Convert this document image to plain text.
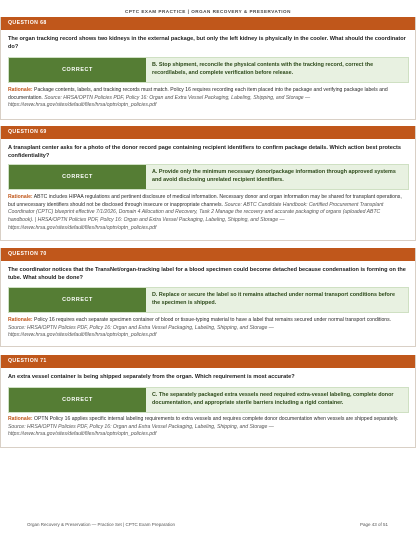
CPTC EXAM PRACTICE | ORGAN RECOVERY & PRESERVATION
QUESTION 68
The organ tracking record shows two kidneys in the external package, but only the left kidney is physically in the cooler. What should the coordinator do?
CORRECT
B. Stop shipment, reconcile the physical contents with the tracking record, correct the record/labels, and complete verification before release.
Rationale: Package contents, labels, and tracking records must match. Policy 16 requires recording each item placed into the package and verifying package labels and documentation. Source: HRSA/OPTN Policies PDF, Policy 16: Organ and Extra Vessel Packaging, Labeling, Shipping, and Storage — https://www.hrsa.gov/sites/default/files/hrsa/optn/optn_policies.pdf
QUESTION 69
A transplant center asks for a photo of the donor record page containing recipient identifiers to confirm package details. Which action best protects confidentiality?
CORRECT
A. Provide only the minimum necessary donor/package information through approved systems and avoid disclosing unrelated recipient identifiers.
Rationale: ABTC includes HIPAA regulations and pertinent disclosure of medical information. Necessary donor and organ information may be shared for transplant operations, but unnecessary identifiers should not be disclosed through insecure or inappropriate channels. Source: ABTC Candidate Handbook: Certified Procurement Transplant Coordinator (CPTC) blueprint effective 7/1/2026, Domain 4 Allocation and Recovery, Task 2 Manage the recovery and accurate packaging of organs (uploaded ABTC handbook). | HRSA/OPTN Policies PDF, Policy 16: Organ and Extra Vessel Packaging, Labeling, Shipping, and Storage — https://www.hrsa.gov/sites/default/files/hrsa/optn/optn_policies.pdf
QUESTION 70
The coordinator notices that the TransNet/organ-tracking label for a blood specimen could become detached because condensation is forming on the tube. What should be done?
CORRECT
D. Replace or secure the label so it remains attached under normal transport conditions before the specimen is shipped.
Rationale: Policy 16 requires each separate specimen container of blood or tissue-typing material to have a label that remains secured under normal transport conditions. Source: HRSA/OPTN Policies PDF, Policy 16: Organ and Extra Vessel Packaging, Labeling, Shipping, and Storage — https://www.hrsa.gov/sites/default/files/hrsa/optn/optn_policies.pdf
QUESTION 71
An extra vessel container is being shipped separately from the organ. Which requirement is most accurate?
CORRECT
C. The separately packaged extra vessels need required extra-vessel labeling, complete donor documentation, and appropriate sterile barriers including a rigid container.
Rationale: OPTN Policy 16 applies specific internal labeling requirements to extra vessels and requires complete donor documentation when vessels are shipped separately. Source: HRSA/OPTN Policies PDF, Policy 16: Organ and Extra Vessel Packaging, Labeling, Shipping, and Storage — https://www.hrsa.gov/sites/default/files/hrsa/optn/optn_policies.pdf
Organ Recovery & Preservation — Practice Set | CPTC Exam Preparation	Page 43 of 51
